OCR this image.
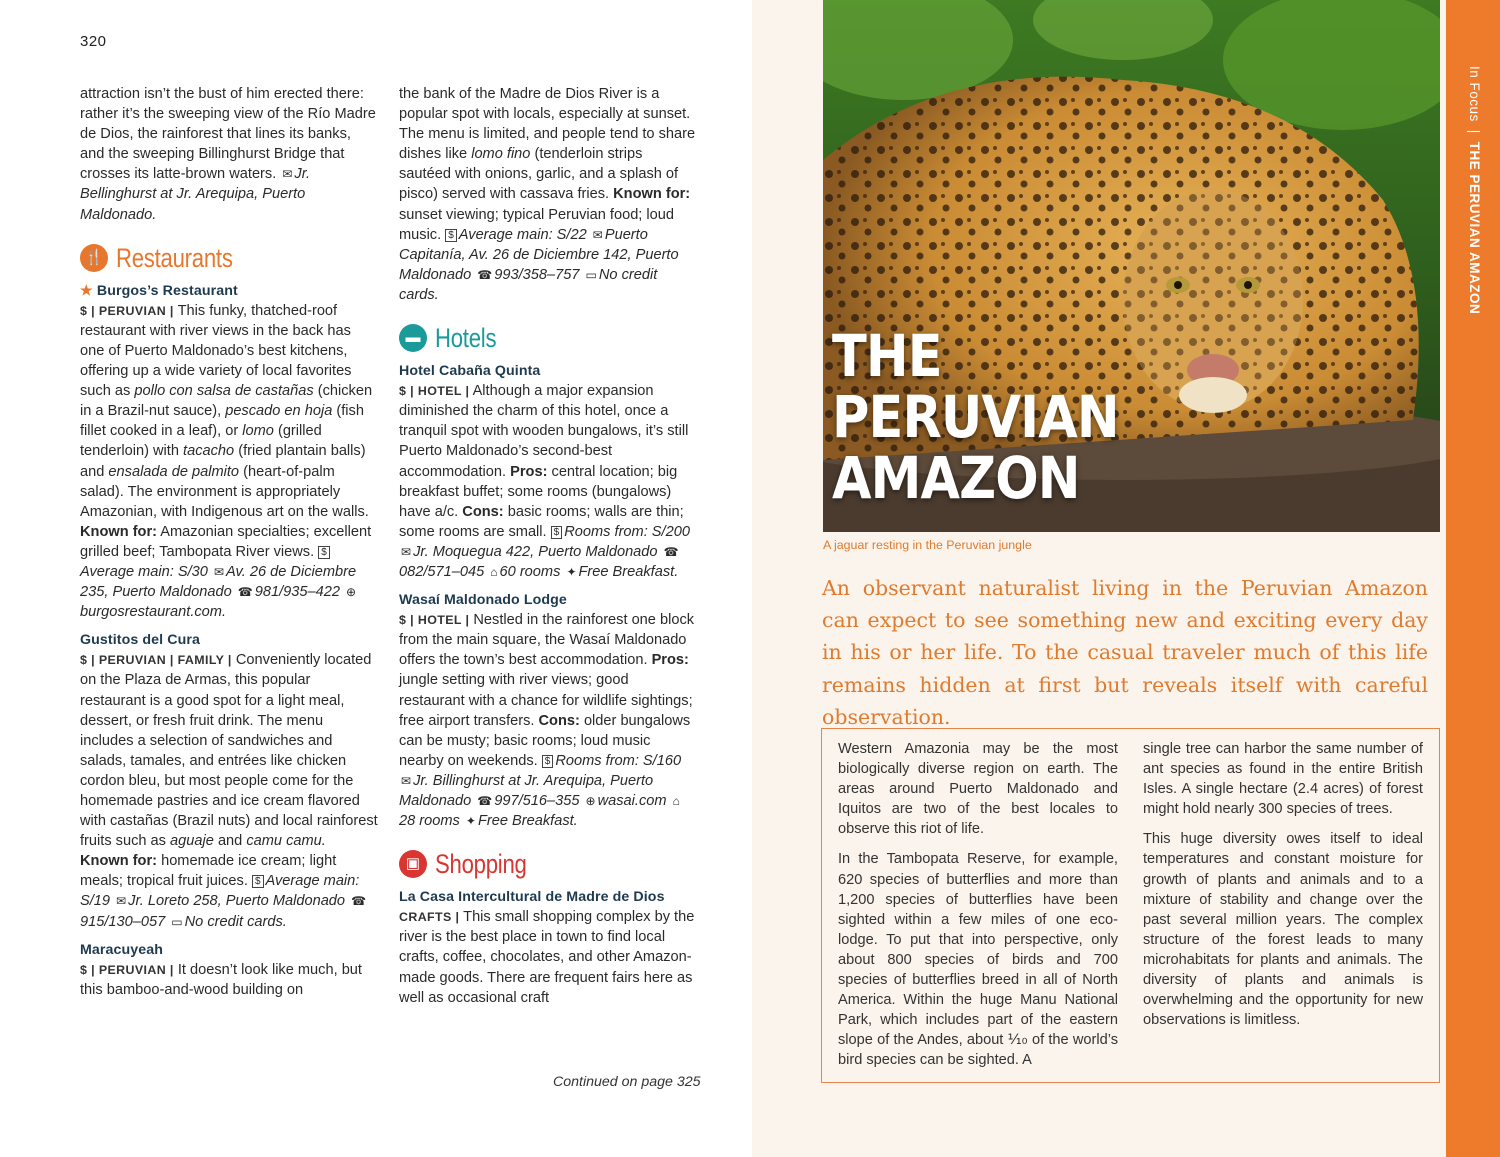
320

attraction isn’t the bust of him erected there: rather it’s the sweeping view of the Río Madre de Dios, the rainforest that lines its banks, and the sweeping Billinghurst Bridge that crosses its latte-brown waters. ✉ Jr. Bellinghurst at Jr. Arequipa, Puerto Maldonado.

🍴 Restaurants
★ Burgos’s Restaurant

$ | PERUVIAN | This funky, thatched-roof restaurant with river views in the back has one of Puerto Maldonado’s best kitchens, offering up a wide variety of local favorites such as pollo con salsa de castañas (chicken in a Brazil-nut sauce), pescado en hoja (fish fillet cooked in a leaf), or lomo (grilled tenderloin) with tacacho (fried plantain balls) and ensalada de palmito (heart-of-palm salad). The environment is appropriately Amazonian, with Indigenous art on the walls. Known for: Amazonian specialties; excellent grilled beef; Tambopata River views. $Average main: S/30 ✉ Av. 26 de Diciembre 235, Puerto Maldonado ☎ 981/935–422 ⊕burgosrestaurant.com.

Gustitos del Cura

$ | PERUVIAN | FAMILY | Conveniently located on the Plaza de Armas, this popular restaurant is a good spot for a light meal, dessert, or fresh fruit drink. The menu includes a selection of sandwiches and salads, tamales, and entrées like chicken cordon bleu, but most people come for the homemade pastries and ice cream flavored with castañas (Brazil nuts) and local rainforest fruits such as aguaje and camu camu. Known for: homemade ice cream; light meals; tropical fruit juices. $ Average main: S/19 ✉ Jr. Loreto 258, Puerto Maldonado ☎915/130–057 ▭ No credit cards.

Maracuyeah

$ | PERUVIAN | It doesn’t look like much, but this bamboo-and-wood building on

the bank of the Madre de Dios River is a popular spot with locals, especially at sunset. The menu is limited, and people tend to share dishes like lomo fino (tenderloin strips sautéed with onions, garlic, and a splash of pisco) served with cassava fries. Known for: sunset viewing; typical Peruvian food; loud music. $ Average main: S/22 ✉ Puerto Capitanía, Av. 26 de Diciembre 142, Puerto Maldonado ☎ 993/358–757 ▭ No credit cards.

▬ Hotels
Hotel Cabaña Quinta

$ | HOTEL | Although a major expansion diminished the charm of this hotel, once a tranquil spot with wooden bungalows, it’s still Puerto Maldonado’s second-best accommodation. Pros: central location; big breakfast buffet; some rooms (bungalows) have a/c. Cons: basic rooms; walls are thin; some rooms are small. $ Rooms from: S/200 ✉ Jr. Moquegua 422, Puerto Maldonado ☎082/571–045 ⌂ 60 rooms ✦ Free Breakfast.

Wasaí Maldonado Lodge

$ | HOTEL | Nestled in the rainforest one block from the main square, the Wasaí Maldonado offers the town’s best accommodation. Pros: jungle setting with river views; good restaurant with a chance for wildlife sightings; free airport transfers. Cons: older bungalows can be musty; basic rooms; loud music nearby on weekends. $ Rooms from: S/160 ✉ Jr. Billinghurst at Jr. Arequipa, Puerto Maldonado ☎ 997/516–355 ⊕ wasai.com ⌂28 rooms ✦ Free Breakfast.

▣ Shopping
La Casa Intercultural de Madre de Dios

CRAFTS | This small shopping complex by the river is the best place in town to find local crafts, coffee, chocolates, and other Amazon-made goods. There are frequent fairs here as well as occasional craft

Continued on page 325
THE
PERUVIAN
AMAZON
A jaguar resting in the Peruvian jungle
In Focus|THE PERUVIAN AMAZON
An observant naturalist living in the Peruvian Amazon can expect to see something new and exciting every day in his or her life. To the casual traveler much of this life remains hidden at first but reveals itself with careful observation.

Western Amazonia may be the most biologically diverse region on earth. The areas around Puerto Maldonado and Iquitos are two of the best locales to observe this riot of life.

In the Tambopata Reserve, for example, 620 species of butterflies and more than 1,200 species of butterflies have been sighted within a few miles of one eco-lodge. To put that into perspective, only about 800 species of birds and 700 species of butterflies breed in all of North America. Within the huge Manu National Park, which includes part of the eastern slope of the Andes, about ⅒ of the world’s bird species can be sighted. A

single tree can harbor the same number of ant species as found in the entire British Isles. A single hectare (2.4 acres) of forest might hold nearly 300 species of trees.

This huge diversity owes itself to ideal temperatures and constant moisture for growth of plants and animals and to a mixture of stability and change over the past several million years. The complex structure of the forest leads to many microhabitats for plants and animals. The diversity of plants and animals is overwhelming and the opportunity for new observations is limitless.
